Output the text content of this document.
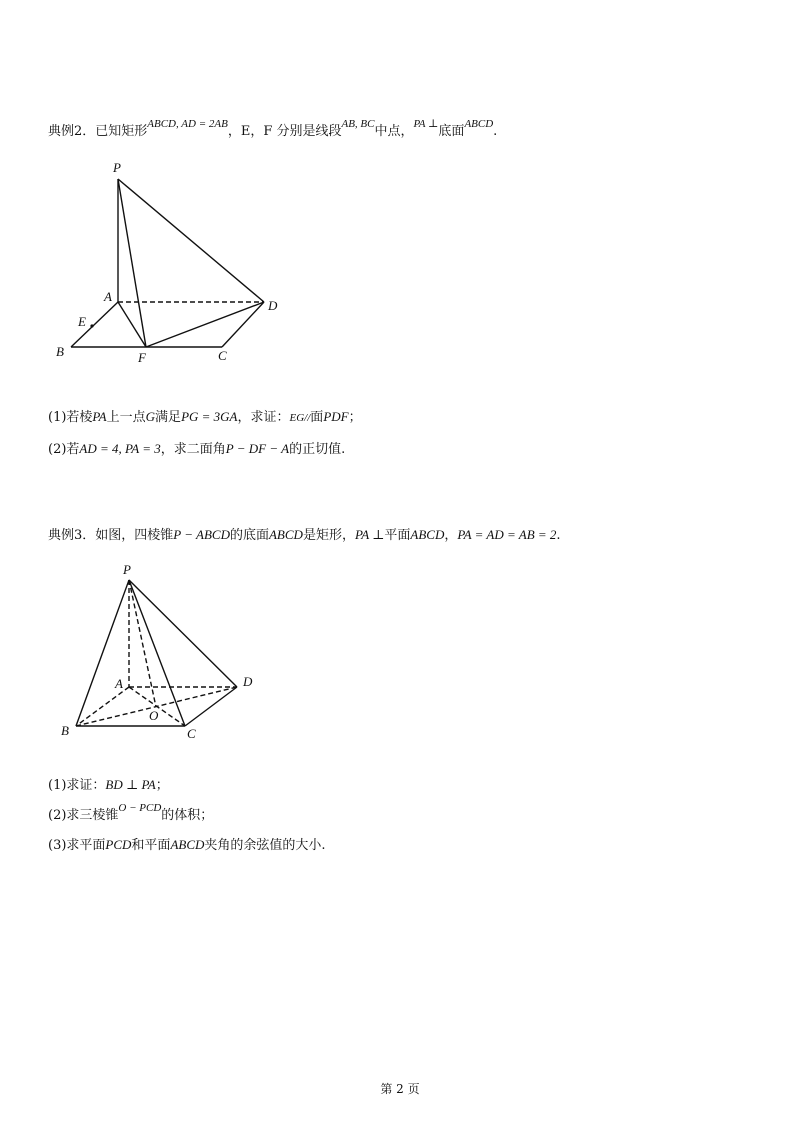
典例2．已知矩形$^{ABCD, AD = 2AB}$，E，F 分别是线段$^{AB, BC}$中点，$^{PA \perp}$底面$^{ABCD}$.
P
A
D
E
B	F	C
(1)若棱PA上一点G满足PG = 3GA，求证：EG//面PDF；
(2)若AD = 4, PA = 3，求二面角P − DF − A的正切值.
典例3．如图，四棱锥P − ABCD的底面ABCD是矩形，PA ⊥平面ABCD，PA = AD = AB = 2.
P
A	D
O
B	C
(1)求证：BD ⊥ PA；
(2)求三棱锥$^{O - PCD}$的体积；
(3)求平面PCD和平面ABCD夹角的余弦值的大小.
第 2 页
